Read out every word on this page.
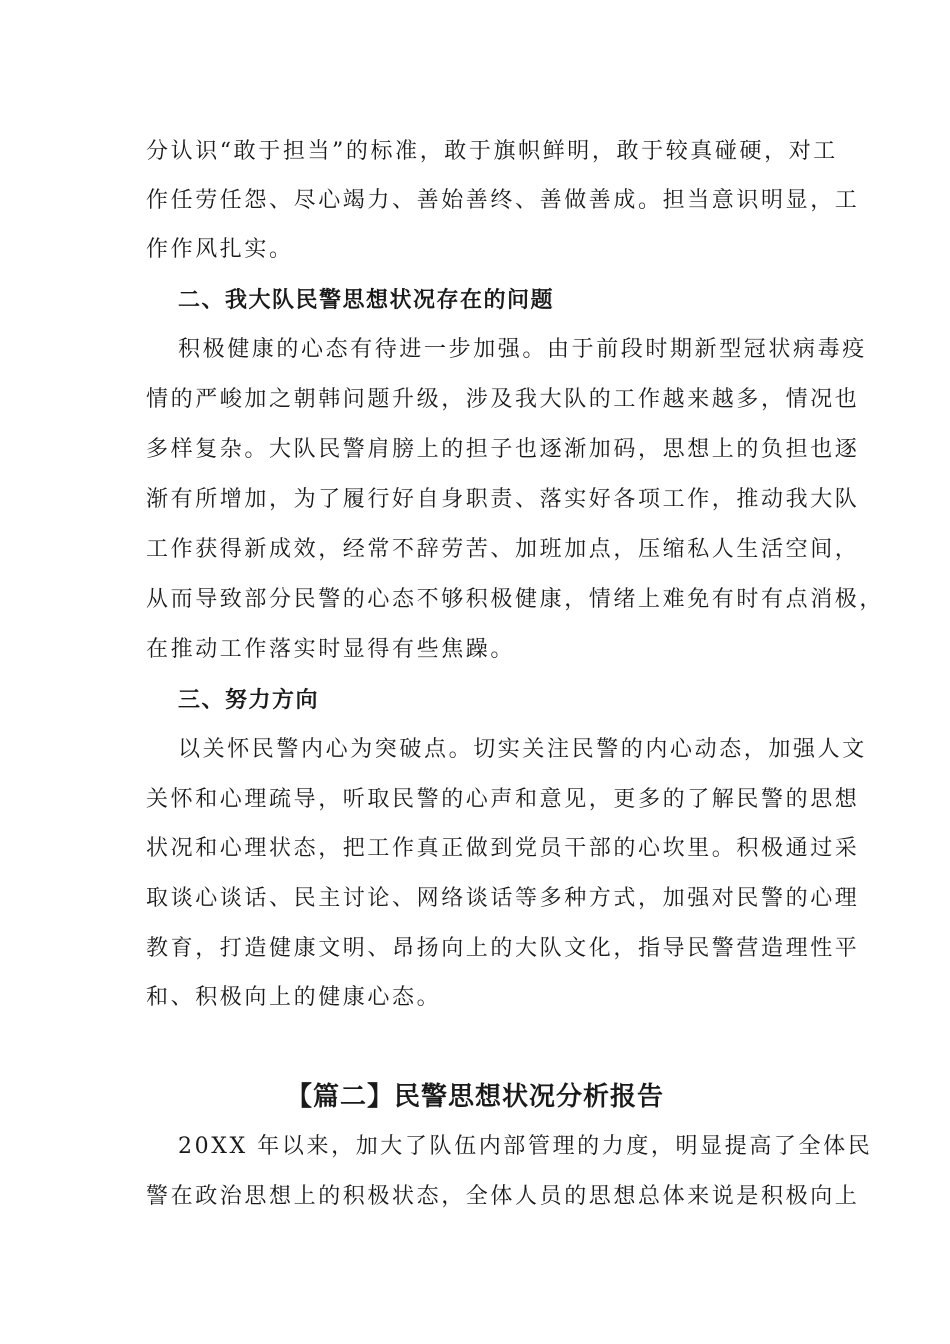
分认识“敢于担当”的标准，敢于旗帜鲜明，敢于较真碰硬，对工
作任劳任怨、尽心竭力、善始善终、善做善成。担当意识明显，工
作作风扎实。
二、我大队民警思想状况存在的问题
积极健康的心态有待进一步加强。由于前段时期新型冠状病毒疫
情的严峻加之朝韩问题升级，涉及我大队的工作越来越多，情况也
多样复杂。大队民警肩膀上的担子也逐渐加码，思想上的负担也逐
渐有所增加，为了履行好自身职责、落实好各项工作，推动我大队
工作获得新成效，经常不辞劳苦、加班加点，压缩私人生活空间，
从而导致部分民警的心态不够积极健康，情绪上难免有时有点消极，
在推动工作落实时显得有些焦躁。
三、努力方向
以关怀民警内心为突破点。切实关注民警的内心动态，加强人文
关怀和心理疏导，听取民警的心声和意见，更多的了解民警的思想
状况和心理状态，把工作真正做到党员干部的心坎里。积极通过采
取谈心谈话、民主讨论、网络谈话等多种方式，加强对民警的心理
教育，打造健康文明、昂扬向上的大队文化，指导民警营造理性平
和、积极向上的健康心态。
【篇二】民警思想状况分析报告
20XX 年以来，加大了队伍内部管理的力度，明显提高了全体民
警在政治思想上的积极状态，全体人员的思想总体来说是积极向上
